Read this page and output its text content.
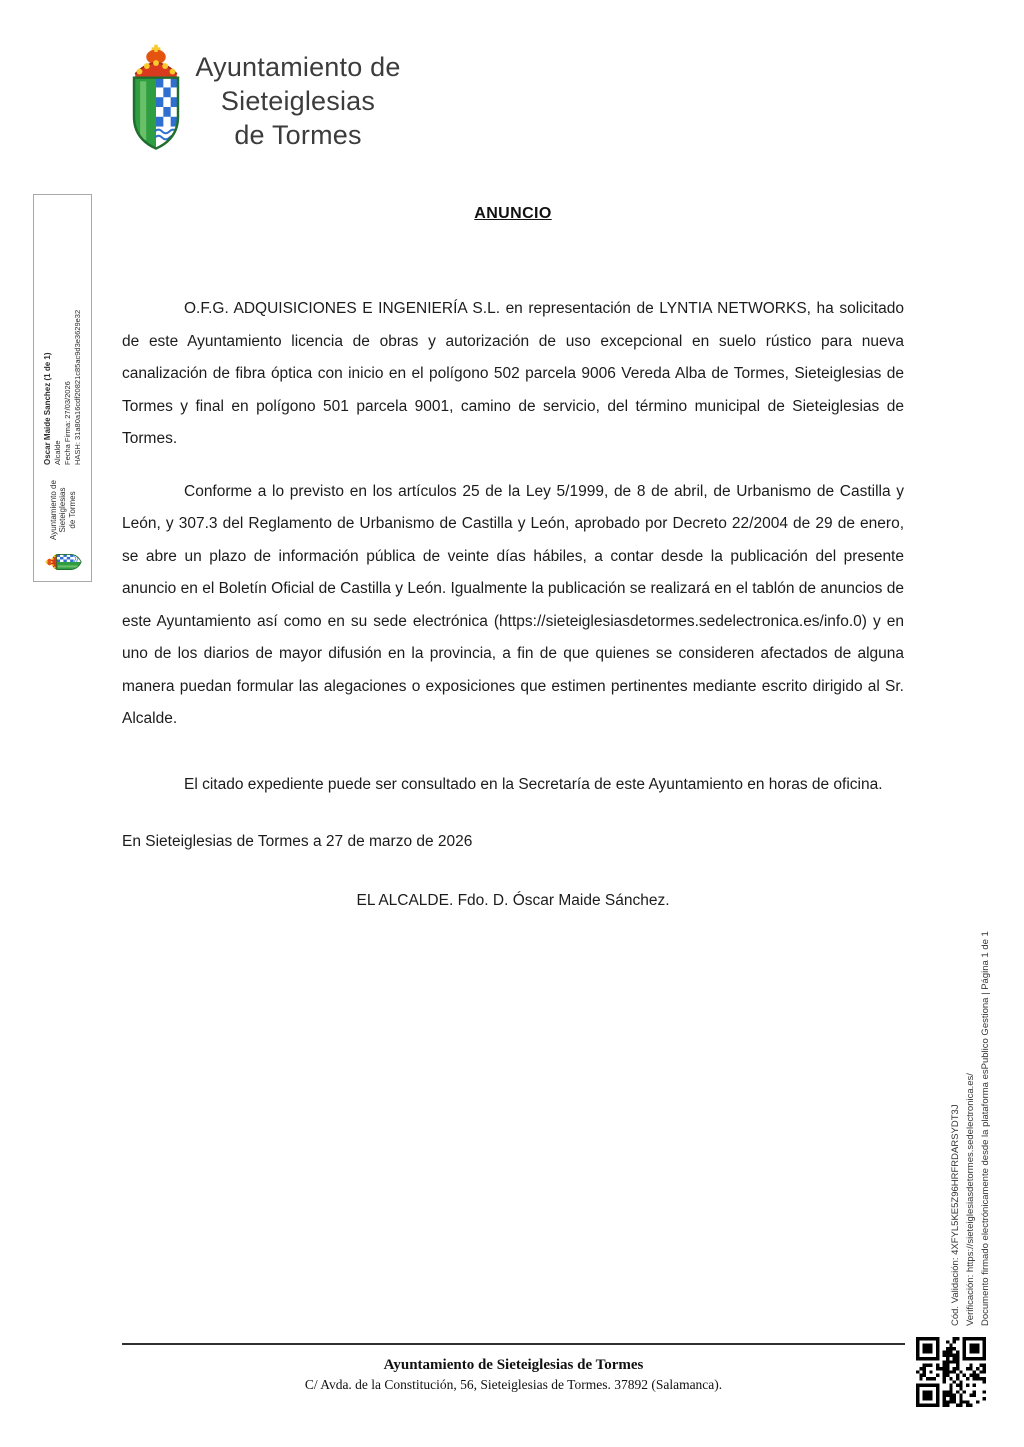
Ayuntamiento de
Sieteiglesias
de Tormes
Ayuntamiento de Sieteiglesias de Tormes
Oscar Maide Sanchez (1 de 1) Alcalde Fecha Firma: 27/03/2026 HASH: 31a80a16cdf20821c85ac9d3e3629e32
ANUNCIO

O.F.G. ADQUISICIONES E INGENIERÍA S.L. en representación de LYNTIA NETWORKS, ha solicitado de este Ayuntamiento licencia de obras y autorización de uso excepcional en suelo rústico para nueva canalización de fibra óptica con inicio en el polígono 502 parcela 9006 Vereda Alba de Tormes, Sieteiglesias de Tormes y final en polígono 501 parcela 9001, camino de servicio, del término municipal de Sieteiglesias de Tormes.

Conforme a lo previsto en los artículos 25 de la Ley 5/1999, de 8 de abril, de Urbanismo de Castilla y León, y 307.3 del Reglamento de Urbanismo de Castilla y León, aprobado por Decreto 22/2004 de 29 de enero, se abre un plazo de información pública de veinte días hábiles, a contar desde la publicación del presente anuncio en el Boletín Oficial de Castilla y León. Igualmente la publicación se realizará en el tablón de anuncios de este Ayuntamiento así como en su sede electrónica (https://sieteiglesiasdetormes.sedelectronica.es/info.0) y en uno de los diarios de mayor difusión en la provincia, a fin de que quienes se consideren afectados de alguna manera puedan formular las alegaciones o exposiciones que estimen pertinentes mediante escrito dirigido al Sr. Alcalde.

El citado expediente puede ser consultado en la Secretaría de este Ayuntamiento en horas de oficina.

En Sieteiglesias de Tormes a 27 de marzo de 2026
EL ALCALDE. Fdo. D. Óscar Maide Sánchez.
Cód. Validación: 4XFYL5KE5Z96HRFRDARSYDT3J Verificación: https://sieteiglesiasdetormes.sedelectronica.es/ Documento firmado electrónicamente desde la plataforma esPublico Gestiona | Página 1 de 1
Ayuntamiento de Sieteiglesias de Tormes
C/ Avda. de la Constitución, 56, Sieteiglesias de Tormes. 37892 (Salamanca).
